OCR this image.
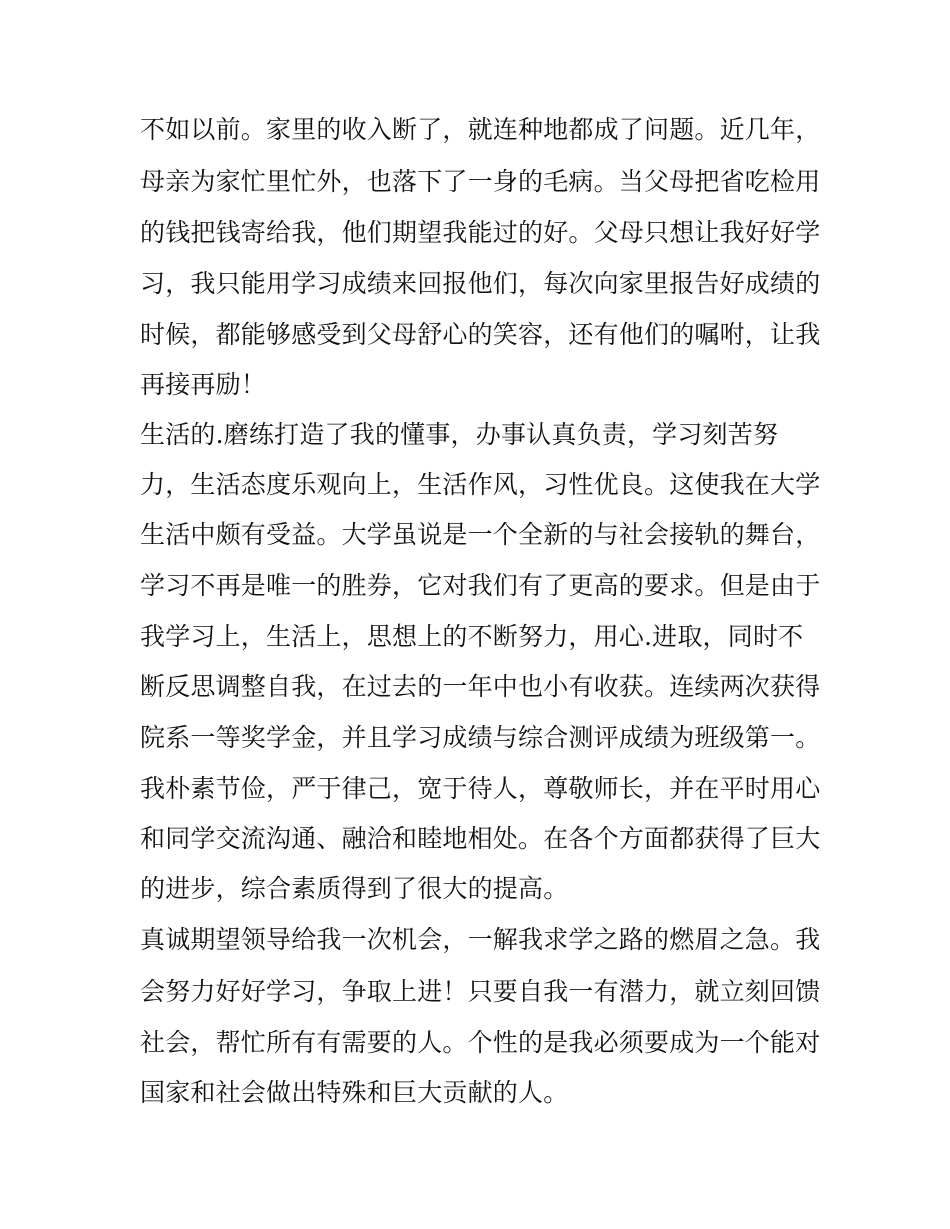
不如以前。家里的收入断了，就连种地都成了问题。近几年，
母亲为家忙里忙外，也落下了一身的毛病。当父母把省吃检用
的钱把钱寄给我，他们期望我能过的好。父母只想让我好好学
习，我只能用学习成绩来回报他们，每次向家里报告好成绩的
时候，都能够感受到父母舒心的笑容，还有他们的嘱咐，让我
再接再励！
生活的.磨练打造了我的懂事，办事认真负责，学习刻苦努
力，生活态度乐观向上，生活作风，习性优良。这使我在大学
生活中颇有受益。大学虽说是一个全新的与社会接轨的舞台，
学习不再是唯一的胜券，它对我们有了更高的要求。但是由于
我学习上，生活上，思想上的不断努力，用心.进取，同时不
断反思调整自我，在过去的一年中也小有收获。连续两次获得
院系一等奖学金，并且学习成绩与综合测评成绩为班级第一。
我朴素节俭，严于律己，宽于待人，尊敬师长，并在平时用心
和同学交流沟通、融洽和睦地相处。在各个方面都获得了巨大
的进步，综合素质得到了很大的提高。
真诚期望领导给我一次机会，一解我求学之路的燃眉之急。我
会努力好好学习，争取上进！只要自我一有潜力，就立刻回馈
社会，帮忙所有有需要的人。个性的是我必须要成为一个能对
国家和社会做出特殊和巨大贡献的人。
